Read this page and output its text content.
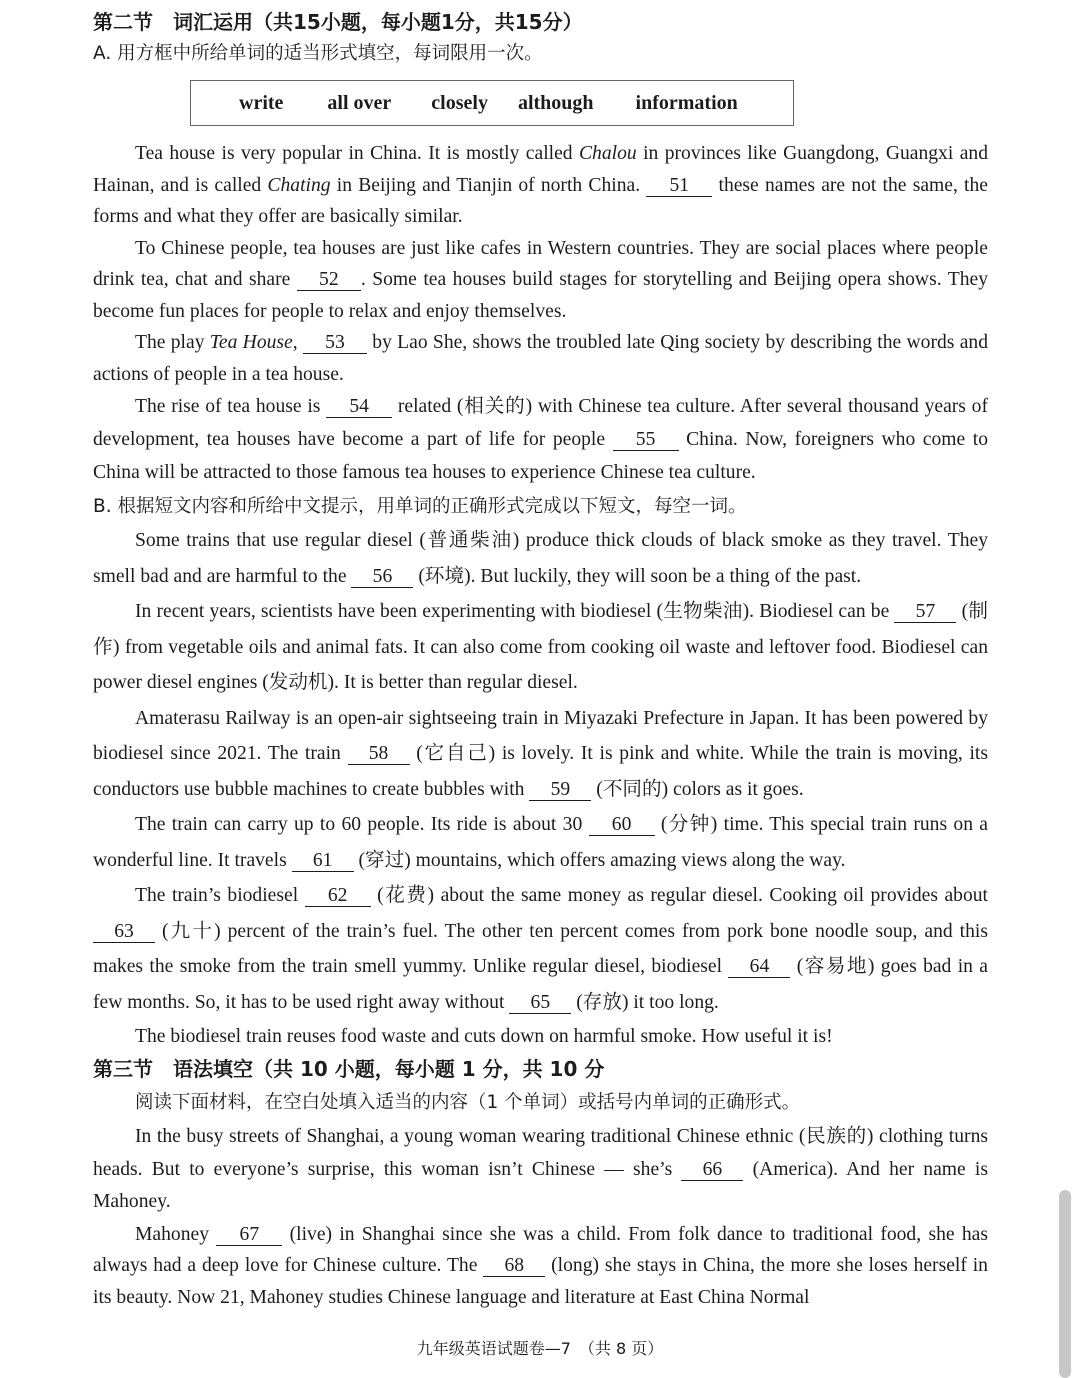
第二节　词汇运用（共15小题，每小题1分，共15分）

A. 用方框中所给单词的适当形式填空，每词限用一次。

write all over closely although information

Tea house is very popular in China. It is mostly called Chalou in provinces like Guangdong, Guangxi and Hainan, and is called Chating in Beijing and Tianjin of north China. 51 these names are not the same, the forms and what they offer are basically similar.

To Chinese people, tea houses are just like cafes in Western countries. They are social places where people drink tea, chat and share 52 . Some tea houses build stages for storytelling and Beijing opera shows. They become fun places for people to relax and enjoy themselves.

The play Tea House, 53 by Lao She, shows the troubled late Qing society by describing the words and actions of people in a tea house.

The rise of tea house is 54 related (相关的) with Chinese tea culture. After several thousand years of development, tea houses have become a part of life for people 55 China. Now, foreigners who come to China will be attracted to those famous tea houses to experience Chinese tea culture.

B. 根据短文内容和所给中文提示，用单词的正确形式完成以下短文，每空一词。

Some trains that use regular diesel (普通柴油) produce thick clouds of black smoke as they travel. They smell bad and are harmful to the 56 (环境). But luckily, they will soon be a thing of the past.

In recent years, scientists have been experimenting with biodiesel (生物柴油). Biodiesel can be 57 (制作) from vegetable oils and animal fats. It can also come from cooking oil waste and leftover food. Biodiesel can power diesel engines (发动机). It is better than regular diesel.

Amaterasu Railway is an open-air sightseeing train in Miyazaki Prefecture in Japan. It has been powered by biodiesel since 2021. The train 58 (它自己) is lovely. It is pink and white. While the train is moving, its conductors use bubble machines to create bubbles with 59 (不同的) colors as it goes.

The train can carry up to 60 people. Its ride is about 30 60 (分钟) time. This special train runs on a wonderful line. It travels 61 (穿过) mountains, which offers amazing views along the way.

The train’s biodiesel 62 (花费) about the same money as regular diesel. Cooking oil provides about 63 (九十) percent of the train’s fuel. The other ten percent comes from pork bone noodle soup, and this makes the smoke from the train smell yummy. Unlike regular diesel, biodiesel 64 (容易地) goes bad in a few months. So, it has to be used right away without 65 (存放) it too long.

The biodiesel train reuses food waste and cuts down on harmful smoke. How useful it is!

第三节　语法填空（共 10 小题，每小题 1 分，共 10 分

阅读下面材料，在空白处填入适当的内容（1 个单词）或括号内单词的正确形式。

In the busy streets of Shanghai, a young woman wearing traditional Chinese ethnic (民族的) clothing turns heads. But to everyone’s surprise, this woman isn’t Chinese — she’s 66 (America). And her name is Mahoney.

Mahoney 67 (live) in Shanghai since she was a child. From folk dance to traditional food, she has always had a deep love for Chinese culture. The 68 (long) she stays in China, the more she loses herself in its beauty. Now 21, Mahoney studies Chinese language and literature at East China Normal

九年级英语试题卷—7　（共 8 页）
